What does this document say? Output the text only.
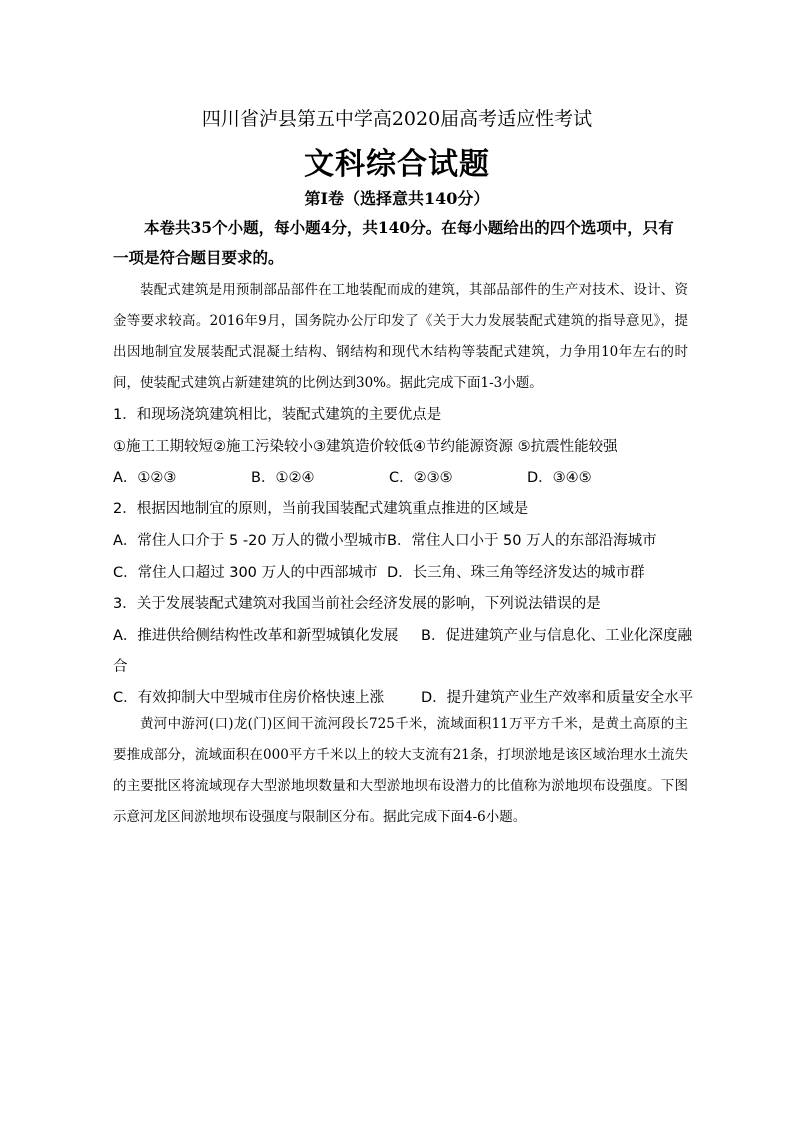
四川省泸县第五中学高2020届高考适应性考试
文科综合试题
第Ⅰ卷（选择意共140分）
本卷共35个小题，每小题4分，共140分。在每小题给出的四个选项中，只有一项是符合题目要求的。
装配式建筑是用预制部品部件在工地装配而成的建筑，其部品部件的生产对技术、设计、资金等要求较高。2016年9月，国务院办公厅印发了《关于大力发展装配式建筑的指导意见》，提出因地制宜发展装配式混凝土结构、钢结构和现代木结构等装配式建筑，力争用10年左右的时间，使装配式建筑占新建建筑的比例达到30%。据此完成下面1-3小题。
1．和现场浇筑建筑相比，装配式建筑的主要优点是
①施工工期较短②施工污染较小③建筑造价较低④节约能源资源 ⑤抗震性能较强
A．①②③	B．①②④	C．②③⑤	D．③④⑤
2．根据因地制宜的原则，当前我国装配式建筑重点推进的区域是
A．常住人口介于 5 -20 万人的微小型城市 B．常住人口小于 50 万人的东部沿海城市
C．常住人口超过 300 万人的中西部城市 D．长三角、珠三角等经济发达的城市群
3．关于发展装配式建筑对我国当前社会经济发展的影响，下列说法错误的是
A．推进供给侧结构性改革和新型城镇化发展 B．促进建筑产业与信息化、工业化深度融
合
C．有效抑制大中型城市住房价格快速上涨	D．提升建筑产业生产效率和质量安全水平
黄河中游河(口)龙(门)区间干流河段长725千米，流域面积11万平方千米，是黄土高原的主要推成部分，流域面积在000平方千米以上的较大支流有21条，打坝淤地是该区域治理水土流失的主要批区将流域现存大型淤地坝数量和大型淤地坝布设潜力的比值称为淤地坝布设强度。下图示意河龙区间淤地坝布设强度与限制区分布。据此完成下面4-6小题。
